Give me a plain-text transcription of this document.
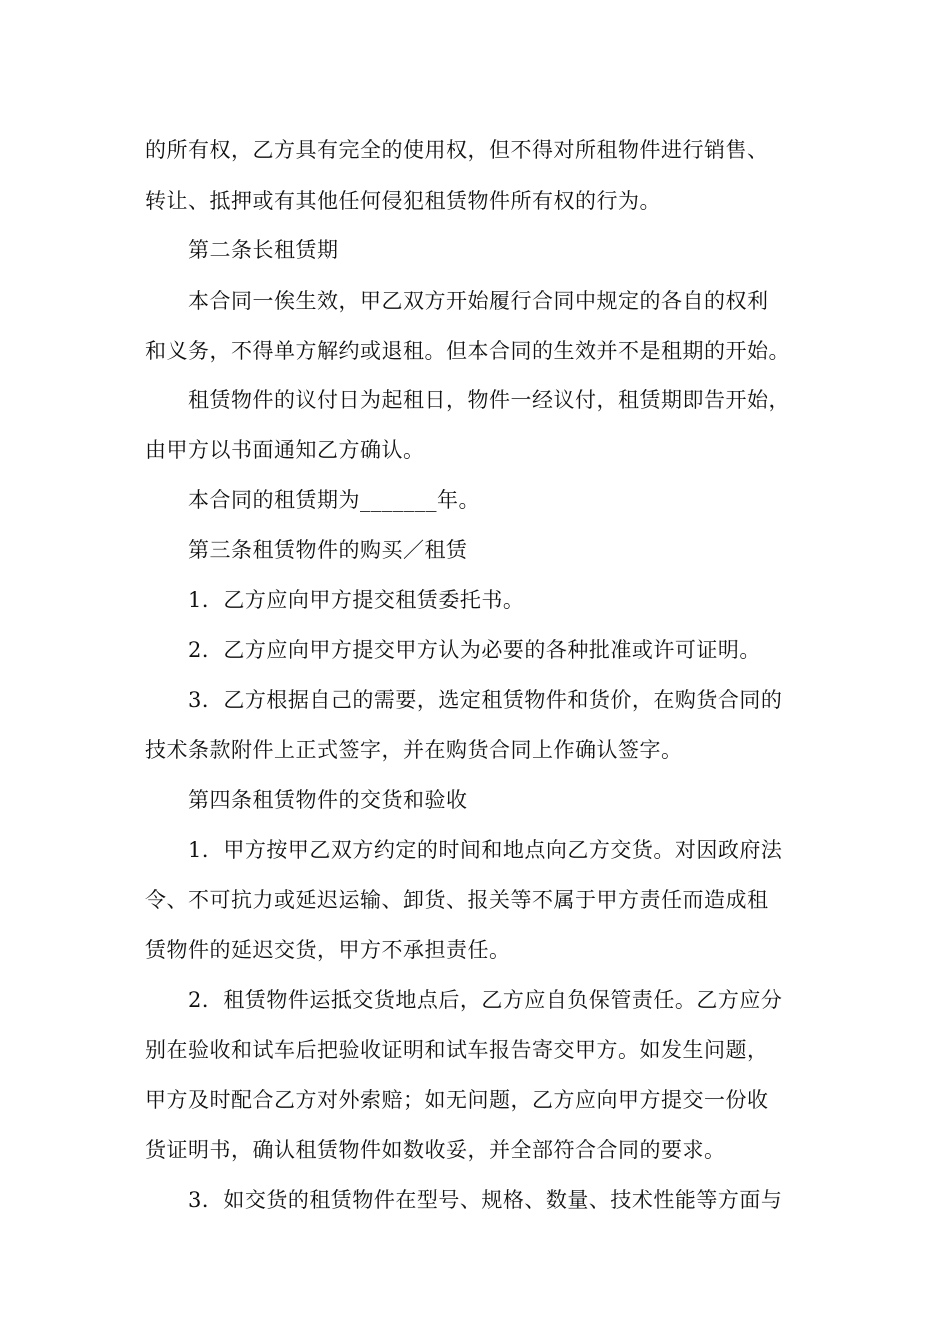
的所有权，乙方具有完全的使用权，但不得对所租物件进行销售、

转让、抵押或有其他任何侵犯租赁物件所有权的行为。

第二条长租赁期

本合同一俟生效，甲乙双方开始履行合同中规定的各自的权利

和义务，不得单方解约或退租。但本合同的生效并不是租期的开始。

租赁物件的议付日为起租日，物件一经议付，租赁期即告开始，

由甲方以书面通知乙方确认。

本合同的租赁期为_______年。

第三条租赁物件的购买／租赁

1．乙方应向甲方提交租赁委托书。

2．乙方应向甲方提交甲方认为必要的各种批准或许可证明。

3．乙方根据自己的需要，选定租赁物件和货价，在购货合同的

技术条款附件上正式签字，并在购货合同上作确认签字。

第四条租赁物件的交货和验收

1．甲方按甲乙双方约定的时间和地点向乙方交货。对因政府法

令、不可抗力或延迟运输、卸货、报关等不属于甲方责任而造成租

赁物件的延迟交货，甲方不承担责任。

2．租赁物件运抵交货地点后，乙方应自负保管责任。乙方应分

别在验收和试车后把验收证明和试车报告寄交甲方。如发生问题，

甲方及时配合乙方对外索赔；如无问题，乙方应向甲方提交一份收

货证明书，确认租赁物件如数收妥，并全部符合合同的要求。

3．如交货的租赁物件在型号、规格、数量、技术性能等方面与
